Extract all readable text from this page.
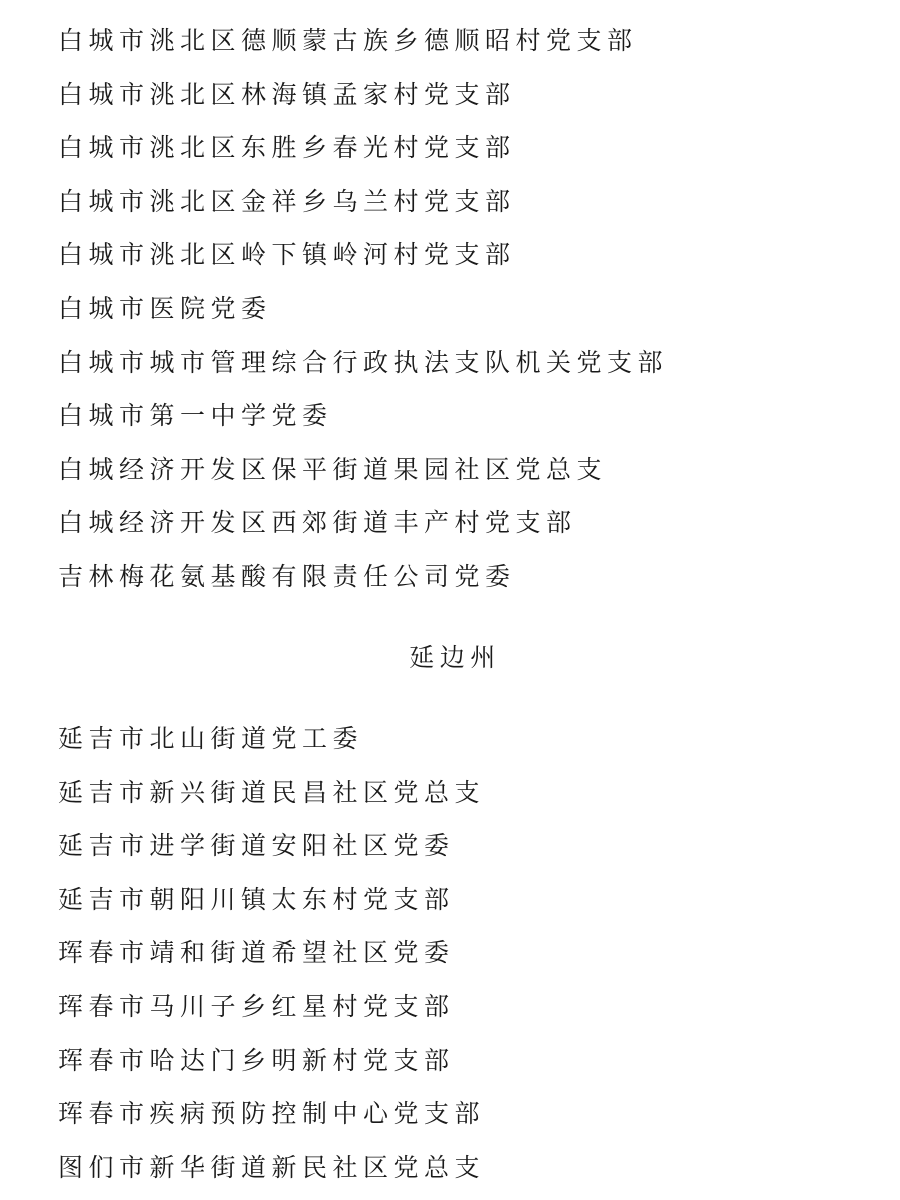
白城市洮北区德顺蒙古族乡德顺昭村党支部
白城市洮北区林海镇孟家村党支部
白城市洮北区东胜乡春光村党支部
白城市洮北区金祥乡乌兰村党支部
白城市洮北区岭下镇岭河村党支部
白城市医院党委
白城市城市管理综合行政执法支队机关党支部
白城市第一中学党委
白城经济开发区保平街道果园社区党总支
白城经济开发区西郊街道丰产村党支部
吉林梅花氨基酸有限责任公司党委
延边州
延吉市北山街道党工委
延吉市新兴街道民昌社区党总支
延吉市进学街道安阳社区党委
延吉市朝阳川镇太东村党支部
珲春市靖和街道希望社区党委
珲春市马川子乡红星村党支部
珲春市哈达门乡明新村党支部
珲春市疾病预防控制中心党支部
图们市新华街道新民社区党总支
